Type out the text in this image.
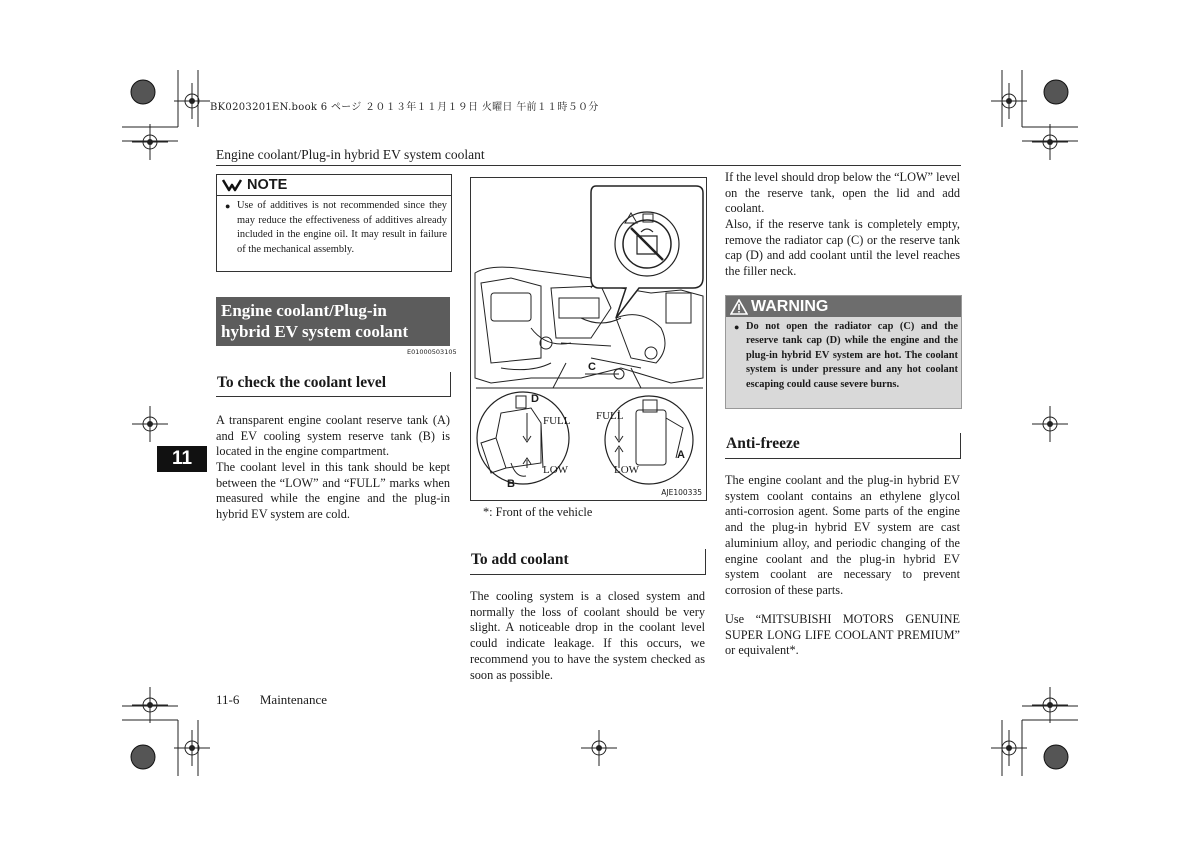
BK0203201EN.book 6 ページ ２０１３年１１月１９日 火曜日 午前１１時５０分
Engine coolant/Plug-in hybrid EV system coolant
NOTE
● Use of additives is not recommended since they may reduce the effectiveness of additives already included in the engine oil. It may result in failure of the mechanical assembly.
Engine coolant/Plug-in
hybrid EV system coolant
E01000503105
To check the coolant level
A transparent engine coolant reserve tank (A) and EV cooling system reserve tank (B) is located in the engine compartment.
The coolant level in this tank should be kept between the “LOW” and “FULL” marks when measured while the engine and the plug-in hybrid EV system are cold.
11
C
D
B
A
FULL
LOW
FULL
LOW
AJE100335
*: Front of the vehicle
To add coolant
The cooling system is a closed system and normally the loss of coolant should be very slight. A noticeable drop in the coolant level could indicate leakage. If this occurs, we recommend you to have the system checked as soon as possible.
If the level should drop below the “LOW” level on the reserve tank, open the lid and add coolant.
Also, if the reserve tank is completely empty, remove the radiator cap (C) or the reserve tank cap (D) and add coolant until the level reaches the filler neck.
WARNING
● Do not open the radiator cap (C) and the reserve tank cap (D) while the engine and the plug-in hybrid EV system are hot. The coolant system is under pressure and any hot coolant escaping could cause severe burns.
Anti-freeze
The engine coolant and the plug-in hybrid EV system coolant contains an ethylene glycol anti-corrosion agent. Some parts of the engine and the plug-in hybrid EV system are cast aluminium alloy, and periodic changing of the engine coolant and the plug-in hybrid EV system coolant are necessary to prevent corrosion of these parts.
Use “MITSUBISHI MOTORS GENUINE SUPER LONG LIFE COOLANT PREMIUM” or equivalent*.
11-6 Maintenance
